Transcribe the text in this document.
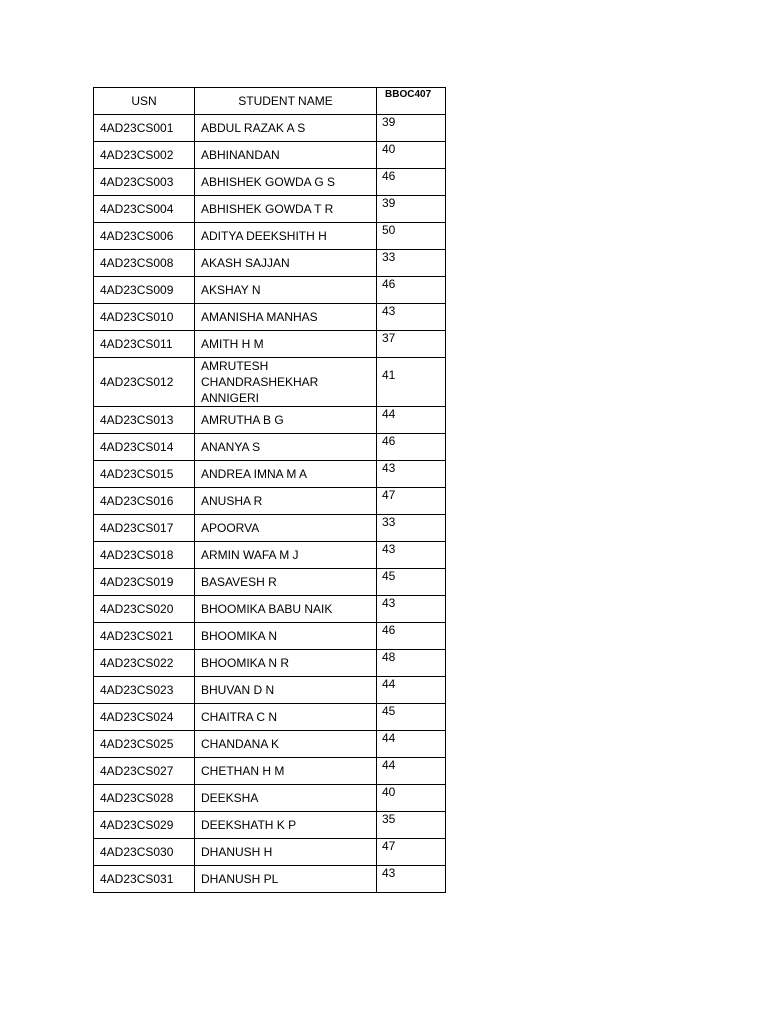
USN	STUDENT NAME	BBOC407
4AD23CS001	ABDUL RAZAK A S	39
4AD23CS002	ABHINANDAN	40
4AD23CS003	ABHISHEK GOWDA G S	46
4AD23CS004	ABHISHEK GOWDA T R	39
4AD23CS006	ADITYA DEEKSHITH H	50
4AD23CS008	AKASH SAJJAN	33
4AD23CS009	AKSHAY N	46
4AD23CS010	AMANISHA MANHAS	43
4AD23CS011	AMITH H M	37
4AD23CS012	AMRUTESH CHANDRASHEKHAR ANNIGERI	41
4AD23CS013	AMRUTHA B G	44
4AD23CS014	ANANYA S	46
4AD23CS015	ANDREA IMNA M A	43
4AD23CS016	ANUSHA R	47
4AD23CS017	APOORVA	33
4AD23CS018	ARMIN WAFA M J	43
4AD23CS019	BASAVESH R	45
4AD23CS020	BHOOMIKA BABU NAIK	43
4AD23CS021	BHOOMIKA N	46
4AD23CS022	BHOOMIKA N R	48
4AD23CS023	BHUVAN D N	44
4AD23CS024	CHAITRA C N	45
4AD23CS025	CHANDANA K	44
4AD23CS027	CHETHAN H M	44
4AD23CS028	DEEKSHA	40
4AD23CS029	DEEKSHATH K P	35
4AD23CS030	DHANUSH H	47
4AD23CS031	DHANUSH PL	43
